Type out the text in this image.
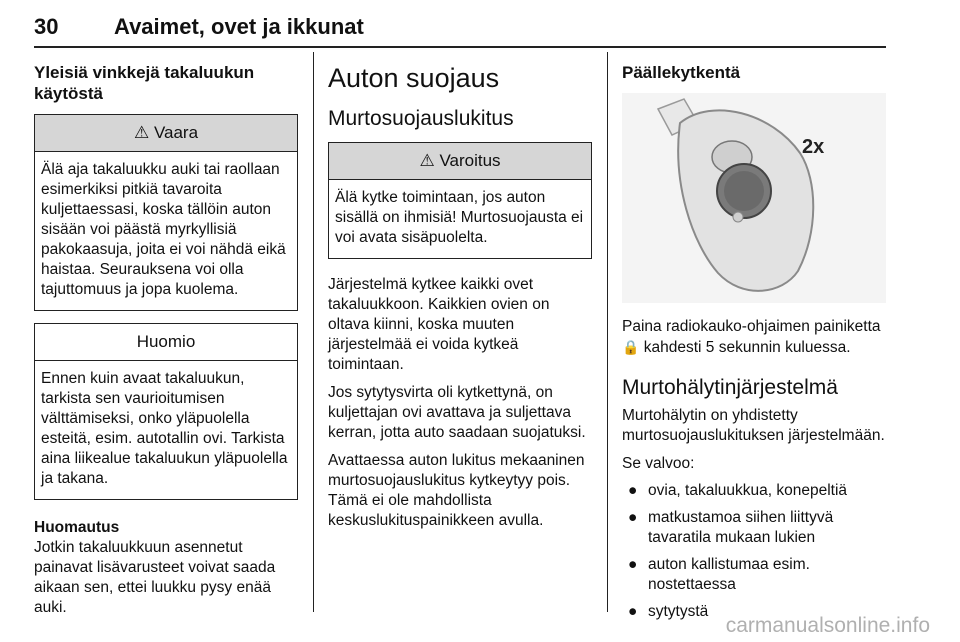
30	Avaimet, ovet ja ikkunat
Yleisiä vinkkejä takaluukun käytöstä
⚠ Vaara
Älä aja takaluukku auki tai raollaan esimerkiksi pitkiä tavaroita kuljettaessasi, koska tällöin auton sisään voi päästä myrkyllisiä pakokaasuja, joita ei voi nähdä eikä haistaa. Seurauksena voi olla tajuttomuus ja jopa kuolema.
Huomio
Ennen kuin avaat takaluukun, tarkista sen vaurioitumisen välttämiseksi, onko yläpuolella esteitä, esim. autotallin ovi. Tarkista aina liikealue takaluukun yläpuolella ja takana.
Huomautus

Jotkin takaluukkuun asennetut painavat lisävarusteet voivat saada aikaan sen, ettei luukku pysy enää auki.

Auton suojaus
Murtosuojauslukitus
⚠ Varoitus
Älä kytke toimintaan, jos auton sisällä on ihmisiä! Murtosuojausta ei voi avata sisäpuolelta.

Järjestelmä kytkee kaikki ovet takaluukkoon. Kaikkien ovien on oltava kiinni, koska muuten järjestelmää ei voida kytkeä toimintaan.

Jos sytytysvirta oli kytkettynä, on kuljettajan ovi avattava ja suljettava kerran, jotta auto saadaan suojatuksi.

Avattaessa auton lukitus mekaaninen murtosuojauslukitus kytkeytyy pois. Tämä ei ole mahdollista keskuslukituspainikkeen avulla.

Päällekytkentä
2x

Paina radiokauko-ohjaimen painiketta 🔒 kahdesti 5 sekunnin kuluessa.

Murtohälytinjärjestelmä

Murtohälytin on yhdistetty murtosuojauslukituksen järjestelmään.

Se valvoo:

● ovia, takaluukkua, konepeltiä
● matkustamoa siihen liittyvä tavaratila mukaan lukien
● auton kallistumaa esim. nostettaessa
● sytytystä
carmanualsonline.info
